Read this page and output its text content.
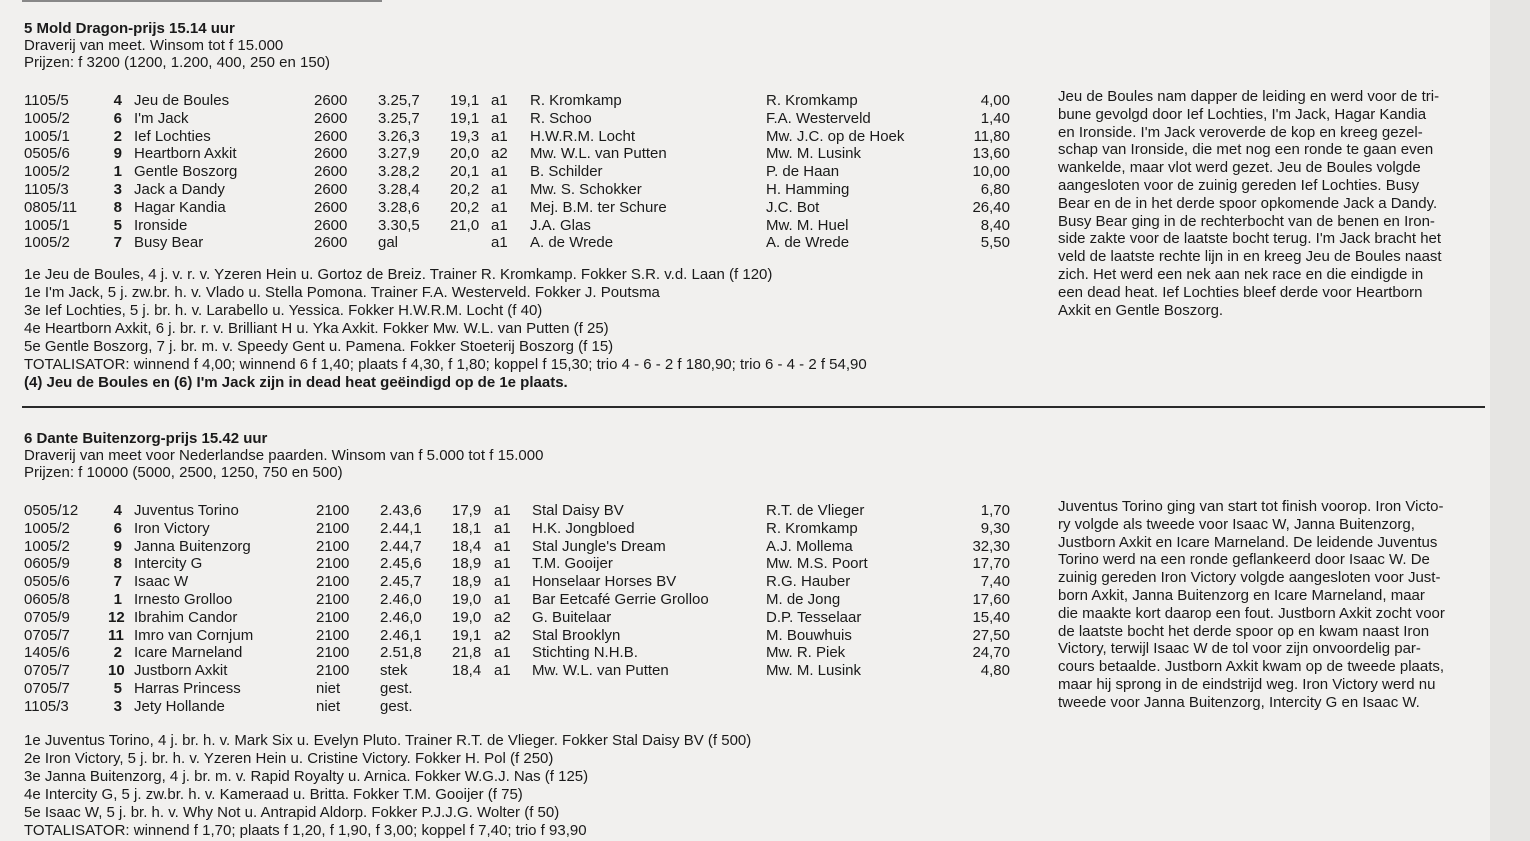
5 Mold Dragon-prijs 15.14 uur
Draverij van meet. Winsom tot f 15.000
Prijzen: f 3200 (1200, 1.200, 400, 250 en 150)
1105/5	4 Jeu de Boules	2600 3.25,7 19,1 a1 R. Kromkamp	R. Kromkamp	4,00
1005/2	6 I'm Jack	2600 3.25,7 19,1 a1 R. Schoo	F.A. Westerveld	1,40
1005/1	2 Ief Lochties	2600 3.26,3 19,3 a1 H.W.R.M. Locht	Mw. J.C. op de Hoek	11,80
0505/6	9 Heartborn Axkit	2600 3.27,9 20,0 a2 Mw. W.L. van Putten	Mw. M. Lusink	13,60
1005/2	1 Gentle Boszorg	2600 3.28,2 20,1 a1 B. Schilder	P. de Haan	10,00
1105/3	3 Jack a Dandy	2600 3.28,4 20,2 a1 Mw. S. Schokker	H. Hamming	6,80
0805/11	8 Hagar Kandia	2600 3.28,6 20,2 a1 Mej. B.M. ter Schure	J.C. Bot	26,40
1005/1	5 Ironside	2600 3.30,5 21,0 a1 J.A. Glas	Mw. M. Huel	8,40
1005/2	7 Busy Bear	2600 gal	a1 A. de Wrede	A. de Wrede	5,50
1e Jeu de Boules, 4 j. v. r. v. Yzeren Hein u. Gortoz de Breiz. Trainer R. Kromkamp. Fokker S.R. v.d. Laan (f 120)
1e I'm Jack, 5 j. zw.br. h. v. Vlado u. Stella Pomona. Trainer F.A. Westerveld. Fokker J. Poutsma
3e Ief Lochties, 5 j. br. h. v. Larabello u. Yessica. Fokker H.W.R.M. Locht (f 40)
4e Heartborn Axkit, 6 j. br. r. v. Brilliant H u. Yka Axkit. Fokker Mw. W.L. van Putten (f 25)
5e Gentle Boszorg, 7 j. br. m. v. Speedy Gent u. Pamena. Fokker Stoeterij Boszorg (f 15)
TOTALISATOR: winnend f 4,00; winnend 6 f 1,40; plaats f 4,30, f 1,80; koppel f 15,30; trio 4 - 6 - 2 f 180,90; trio 6 - 4 - 2 f 54,90
(4) Jeu de Boules en (6) I'm Jack zijn in dead heat geëindigd op de 1e plaats.
Jeu de Boules nam dapper de leiding en werd voor de tri-
bune gevolgd door Ief Lochties, I'm Jack, Hagar Kandia
en Ironside. I'm Jack veroverde de kop en kreeg gezel-
schap van Ironside, die met nog een ronde te gaan even
wankelde, maar vlot werd gezet. Jeu de Boules volgde
aangesloten voor de zuinig gereden Ief Lochties. Busy
Bear en de in het derde spoor opkomende Jack a Dandy.
Busy Bear ging in de rechterbocht van de benen en Iron-
side zakte voor de laatste bocht terug. I'm Jack bracht het
veld de laatste rechte lijn in en kreeg Jeu de Boules naast
zich. Het werd een nek aan nek race en die eindigde in
een dead heat. Ief Lochties bleef derde voor Heartborn
Axkit en Gentle Boszorg.
6 Dante Buitenzorg-prijs 15.42 uur
Draverij van meet voor Nederlandse paarden. Winsom van f 5.000 tot f 15.000
Prijzen: f 10000 (5000, 2500, 1250, 750 en 500)
0505/12	4 Juventus Torino	2100 2.43,6 17,9 a1 Stal Daisy BV	R.T. de Vlieger	1,70
1005/2	6 Iron Victory	2100 2.44,1 18,1 a1 H.K. Jongbloed	R. Kromkamp	9,30
1005/2	9 Janna Buitenzorg	2100 2.44,7 18,4 a1 Stal Jungle's Dream	A.J. Mollema	32,30
0605/9	8 Intercity G	2100 2.45,6 18,9 a1 T.M. Gooijer	Mw. M.S. Poort	17,70
0505/6	7 Isaac W	2100 2.45,7 18,9 a1 Honselaar Horses BV	R.G. Hauber	7,40
0605/8	1 Irnesto Grolloo	2100 2.46,0 19,0 a1 Bar Eetcafé Gerrie Grolloo	M. de Jong	17,60
0705/9	12 Ibrahim Candor	2100 2.46,0 19,0 a2 G. Buitelaar	D.P. Tesselaar	15,40
0705/7	11 Imro van Cornjum	2100 2.46,1 19,1 a2 Stal Brooklyn	M. Bouwhuis	27,50
1405/6	2 Icare Marneland	2100 2.51,8 21,8 a1 Stichting N.H.B.	Mw. R. Piek	24,70
0705/7	10 Justborn Axkit	2100 stek	18,4 a1 Mw. W.L. van Putten	Mw. M. Lusink	4,80
0705/7	5 Harras Princess	niet	gest.
1105/3	3 Jety Hollande	niet	gest.
1e Juventus Torino, 4 j. br. h. v. Mark Six u. Evelyn Pluto. Trainer R.T. de Vlieger. Fokker Stal Daisy BV (f 500)
2e Iron Victory, 5 j. br. h. v. Yzeren Hein u. Cristine Victory. Fokker H. Pol (f 250)
3e Janna Buitenzorg, 4 j. br. m. v. Rapid Royalty u. Arnica. Fokker W.G.J. Nas (f 125)
4e Intercity G, 5 j. zw.br. h. v. Kameraad u. Britta. Fokker T.M. Gooijer (f 75)
5e Isaac W, 5 j. br. h. v. Why Not u. Antrapid Aldorp. Fokker P.J.J.G. Wolter (f 50)
TOTALISATOR: winnend f 1,70; plaats f 1,20, f 1,90, f 3,00; koppel f 7,40; trio f 93,90
Juventus Torino ging van start tot finish voorop. Iron Victo-
ry volgde als tweede voor Isaac W, Janna Buitenzorg,
Justborn Axkit en Icare Marneland. De leidende Juventus
Torino werd na een ronde geflankeerd door Isaac W. De
zuinig gereden Iron Victory volgde aangesloten voor Just-
born Axkit, Janna Buitenzorg en Icare Marneland, maar
die maakte kort daarop een fout. Justborn Axkit zocht voor
de laatste bocht het derde spoor op en kwam naast Iron
Victory, terwijl Isaac W de tol voor zijn onvoordelig par-
cours betaalde. Justborn Axkit kwam op de tweede plaats,
maar hij sprong in de eindstrijd weg. Iron Victory werd nu
tweede voor Janna Buitenzorg, Intercity G en Isaac W.
